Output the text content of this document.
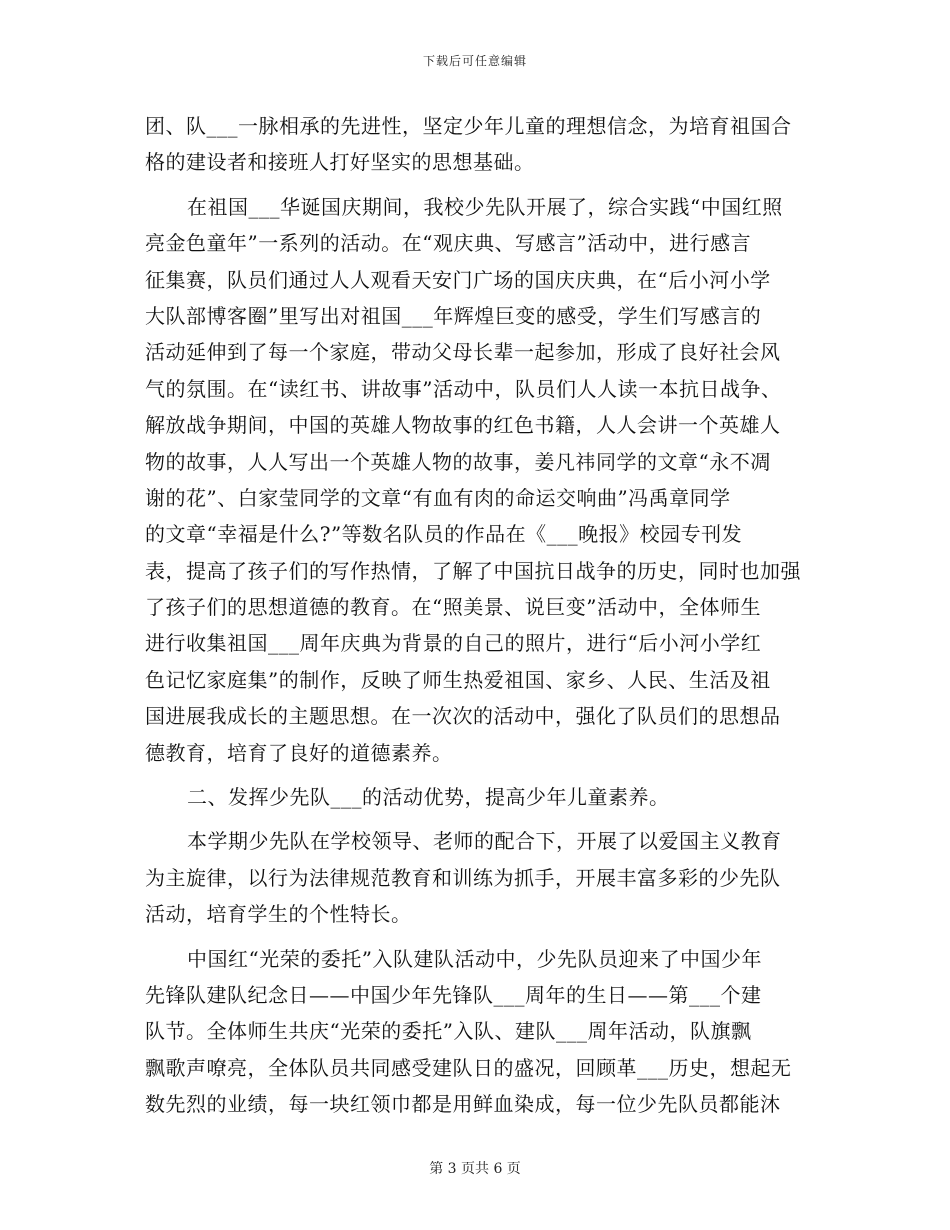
下载后可任意编辑
团、队___一脉相承的先进性，坚定少年儿童的理想信念，为培育祖国合
格的建设者和接班人打好坚实的思想基础。
在祖国___华诞国庆期间，我校少先队开展了，综合实践“中国红照
亮金色童年”一系列的活动。在“观庆典、写感言”活动中，进行感言
征集赛，队员们通过人人观看天安门广场的国庆庆典，在“后小河小学
大队部博客圈”里写出对祖国___年辉煌巨变的感受，学生们写感言的
活动延伸到了每一个家庭，带动父母长辈一起参加，形成了良好社会风
气的氛围。在“读红书、讲故事”活动中，队员们人人读一本抗日战争、
解放战争期间，中国的英雄人物故事的红色书籍，人人会讲一个英雄人
物的故事，人人写出一个英雄人物的故事，姜凡祎同学的文章“永不凋
谢的花”、白家莹同学的文章“有血有肉的命运交响曲”冯禹章同学
的文章“幸福是什么?”等数名队员的作品在《___晚报》校园专刊发
表，提高了孩子们的写作热情，了解了中国抗日战争的历史，同时也加强
了孩子们的思想道德的教育。在“照美景、说巨变”活动中，全体师生
进行收集祖国___周年庆典为背景的自己的照片，进行“后小河小学红
色记忆家庭集”的制作，反映了师生热爱祖国、家乡、人民、生活及祖
国进展我成长的主题思想。在一次次的活动中，强化了队员们的思想品
德教育，培育了良好的道德素养。
二、发挥少先队___的活动优势，提高少年儿童素养。
本学期少先队在学校领导、老师的配合下，开展了以爱国主义教育
为主旋律，以行为法律规范教育和训练为抓手，开展丰富多彩的少先队
活动，培育学生的个性特长。
中国红“光荣的委托”入队建队活动中，少先队员迎来了中国少年
先锋队建队纪念日——中国少年先锋队___周年的生日——第___个建
队节。全体师生共庆“光荣的委托”入队、建队___周年活动，队旗飘
飘歌声嘹亮，全体队员共同感受建队日的盛况，回顾革___历史，想起无
数先烈的业绩，每一块红领巾都是用鲜血染成，每一位少先队员都能沐
第 3 页共 6 页
